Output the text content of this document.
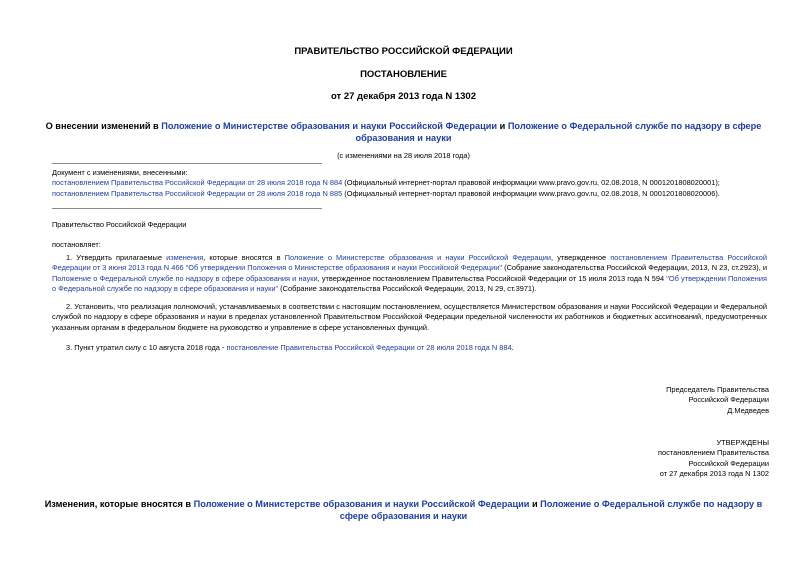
ПРАВИТЕЛЬСТВО РОССИЙСКОЙ ФЕДЕРАЦИИ
ПОСТАНОВЛЕНИЕ
от 27 декабря 2013 года N 1302
О внесении изменений в Положение о Министерстве образования и науки Российской Федерации и Положение о Федеральной службе по надзору в сфере образования и науки
(с изменениями на 28 июля 2018 года)
Документ с изменениями, внесенными:
постановлением Правительства Российской Федерации от 28 июля 2018 года N 884 (Официальный интернет-портал правовой информации www.pravo.gov.ru, 02.08.2018, N 0001201808020001);
постановлением Правительства Российской Федерации от 28 июля 2018 года N 885 (Официальный интернет-портал правовой информации www.pravo.gov.ru, 02.08.2018, N 0001201808020006).
Правительство Российской Федерации
постановляет:
1. Утвердить прилагаемые изменения, которые вносятся в Положение о Министерстве образования и науки Российской Федерации, утвержденное постановлением Правительства Российской Федерации от 3 июня 2013 года N 466 "Об утверждении Положения о Министерстве образования и науки Российской Федерации" (Собрание законодательства Российской Федерации, 2013, N 23, ст.2923), и Положение о Федеральной службе по надзору в сфере образования и науки, утвержденное постановлением Правительства Российской Федерации от 15 июля 2013 года N 594 "Об утверждении Положения о Федеральной службе по надзору в сфере образования и науки" (Собрание законодательства Российской Федерации, 2013, N 29, ст.3971).
2. Установить, что реализация полномочий, устанавливаемых в соответствии с настоящим постановлением, осуществляется Министерством образования и науки Российской Федерации и Федеральной службой по надзору в сфере образования и науки в пределах установленной Правительством Российской Федерации предельной численности их работников и бюджетных ассигнований, предусмотренных указанным органам в федеральном бюджете на руководство и управление в сфере установленных функций.
3. Пункт утратил силу с 10 августа 2018 года - постановление Правительства Российской Федерации от 28 июля 2018 года N 884.
Председатель Правительства
Российской Федерации
Д.Медведев
УТВЕРЖДЕНЫ
постановлением Правительства
Российской Федерации
от 27 декабря 2013 года N 1302
Изменения, которые вносятся в Положение о Министерстве образования и науки Российской Федерации и Положение о Федеральной службе по надзору в сфере образования и науки
